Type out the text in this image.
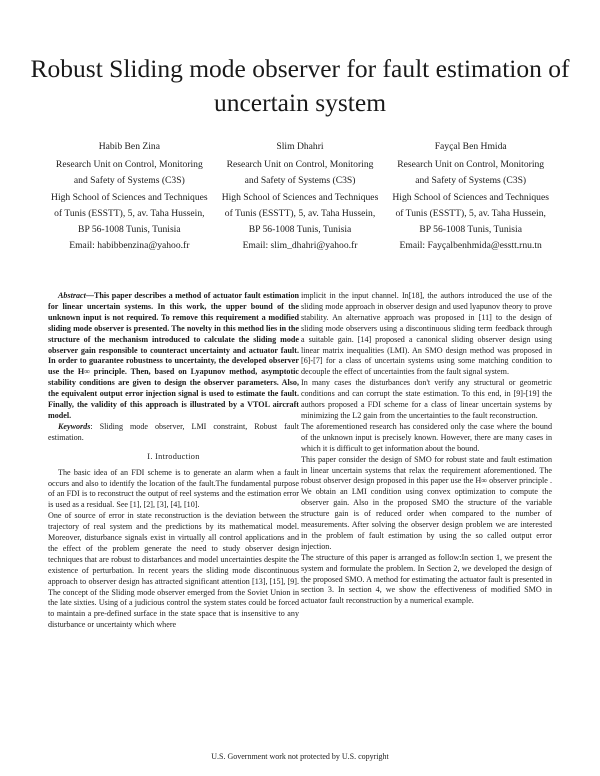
Robust Sliding mode observer for fault estimation of uncertain system
Habib Ben Zina
Research Unit on Control, Monitoring
and Safety of Systems (C3S)
High School of Sciences and Techniques
of Tunis (ESSTT), 5, av. Taha Hussein,
BP 56-1008 Tunis, Tunisia
Email: habibbenzina@yahoo.fr
Slim Dhahri
Research Unit on Control, Monitoring
and Safety of Systems (C3S)
High School of Sciences and Techniques
of Tunis (ESSTT), 5, av. Taha Hussein,
BP 56-1008 Tunis, Tunisia
Email: slim_dhahri@yahoo.fr
Fayçal Ben Hmida
Research Unit on Control, Monitoring
and Safety of Systems (C3S)
High School of Sciences and Techniques
of Tunis (ESSTT), 5, av. Taha Hussein,
BP 56-1008 Tunis, Tunisia
Email: Fayçalbenhmida@esstt.rnu.tn

Abstract—This paper describes a method of actuator fault estimation for linear uncertain systems. In this work, the upper bound of the unknown input is not required. To remove this requirement a modified sliding mode observer is presented. The novelty in this method lies in the structure of the mechanism introduced to calculate the sliding mode observer gain responsible to counteract uncertainty and actuator fault. In order to guarantee robustness to uncertainty, the developed observer use the H∞ principle. Then, based on Lyapunov method, asymptotic stability conditions are given to design the observer parameters. Also, the equivalent output error injection signal is used to estimate the fault. Finally, the validity of this approach is illustrated by a VTOL aircraft model.

Keywords: Sliding mode observer, LMI constraint, Robust fault estimation.

I. Introduction

The basic idea of an FDI scheme is to generate an alarm when a fault occurs and also to identify the location of the fault.The fundamental purpose of an FDI is to reconstruct the output of reel systems and the estimation error is used as a residual. See [1], [2], [3], [4], [10].

One of source of error in state reconstruction is the deviation between the trajectory of real system and the predictions by its mathematical model. Moreover, disturbance signals exist in virtually all control applications and the effect of the problem generate the need to study observer design techniques that are robust to distarbances and model uncertainties despite the existence of perturbation. In recent years the sliding mode discontinuous approach to observer design has attracted significant attention [13], [15], [9]. The concept of the Sliding mode observer emerged from the Soviet Union in the late sixties. Using of a judicious control the system states could be forced to maintain a pre-defined surface in the state space that is insensitive to any disturbance or uncertainty which where

implicit in the input channel. In[18], the authors introduced the use of the sliding mode approach in observer design and used lyapunov theory to prove stability. An alternative approach was proposed in [11] to the design of sliding mode observers using a discontinuous sliding term feedback through a suitable gain. [14] proposed a canonical sliding observer design using linear matrix inequalities (LMI). An SMO design method was proposed in [6]-[7] for a class of uncertain systems using some matching condition to decouple the effect of uncertainties from the fault signal system.

In many cases the disturbances don't verify any structural or geometric conditions and can corrupt the state estimation. To this end, in [9]-[19] the authors proposed a FDI scheme for a class of linear uncertain systems by minimizing the L2 gain from the uncertainties to the fault reconstruction.

The aforementioned research has considered only the case where the bound of the unknown input is precisely known. However, there are many cases in which it is difficult to get information about the bound.

This paper consider the design of SMO for robust state and fault estimation in linear uncertain systems that relax the requirement aforementioned. The robust observer design proposed in this paper use the H∞ observer principle . We obtain an LMI condition using convex optimization to compute the observer gain. Also in the proposed SMO the structure of the variable structure gain is of reduced order when compared to the number of measurements. After solving the observer design problem we are interested in the problem of fault estimation by using the so called output error injection.

The structure of this paper is arranged as follow:In section 1, we present the system and formulate the problem. In Section 2, we developed the design of the proposed SMO. A method for estimating the actuator fault is presented in section 3. In section 4, we show the effectiveness of modified SMO in actuator fault reconstruction by a numerical example.

U.S. Government work not protected by U.S. copyright
